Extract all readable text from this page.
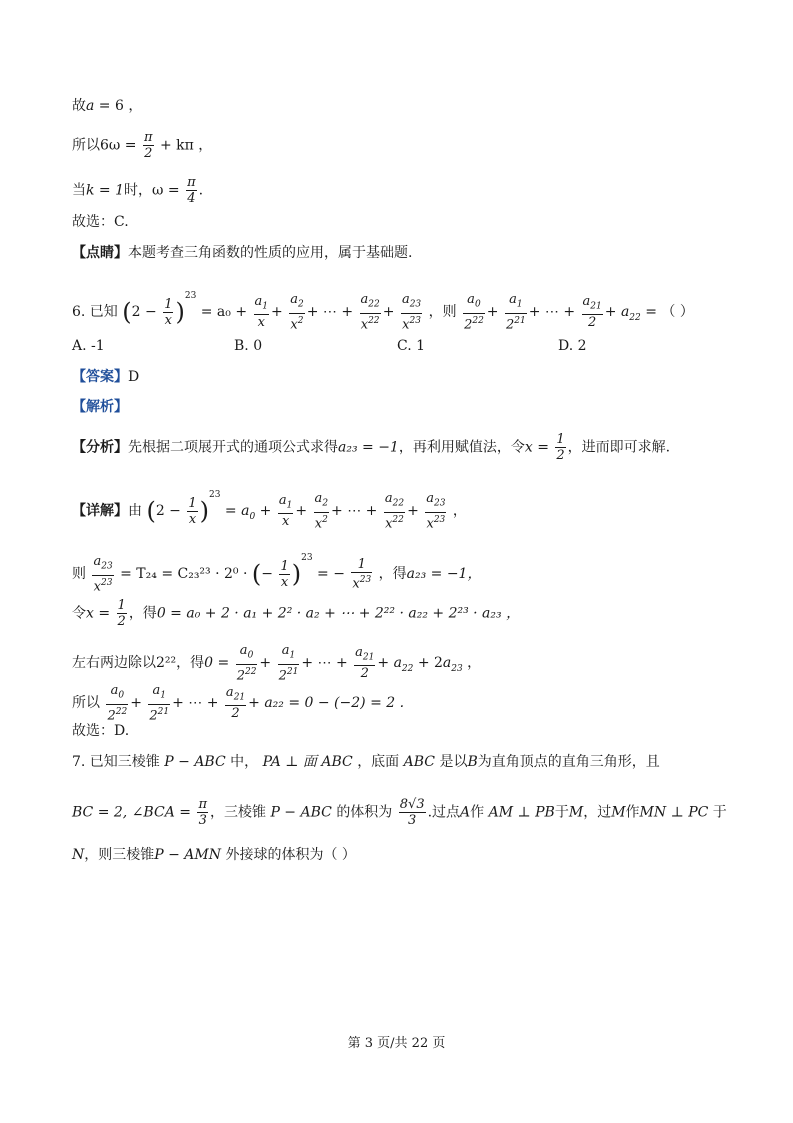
故a = 6 ，
所以$6\omega = \frac{\pi}{2} + k\pi$ ，
当k = 1时，$\omega = \frac{\pi}{4}$ .
故选：C.
【点睛】本题考查三角函数的性质的应用，属于基础题.
6. 已知 $(2 - \frac{1}{x} )^{23} = a_0 + \frac{a_1}{x} + \frac{a_2}{x^2}$ + ⋯ + $\frac{a_{22}}{x^{22}} + \frac{a_{23}}{x^{23}}$ ，则 $\frac{a_0}{2^{22}} + \frac{a_1}{2^{21}}$ + ⋯ + $\frac{a_{21}}{2} + a_{22}$ = （ ）
A. -1	B. 0	C. 1	D. 2
【答案】D
【解析】
【分析】先根据二项展开式的通项公式求得a₂₃ = −1，再利用赋值法，令$x = \frac{1}{2}$ ，进而即可求解.
【详解】由 $(2 - \frac{1}{x} )^{23} = a_0 + \frac{a_1}{x} + \frac{a_2}{x^2}$ + ⋯ + $\frac{a_{22}}{x^{22}} + \frac{a_{23}}{x^{23}}$ ，
则 $\frac{a_{23}}{x^{23}} = T_{24} = C_{23}^{23} \cdot 2^0$ · (− $\frac{1}{x} )^{23}$ = − $\frac{1}{x^{23}}$ ，得a₂₃ = −1，
令$x = \frac{1}{2}$ ，得0 = a₀ + 2 · a₁ + 2² · a₂ + ⋯ + 2²² · a₂₂ + 2²³ · a₂₃ ，
左右两边除以2²²，得$0 = \frac{a_0}{2^{22}} + \frac{a_1}{2^{21}}$ + ⋯ + $\frac{a_{21}}{2} + a_{22} + 2a_{23}$ ，
所以 $\frac{a_0}{2^{22}} + \frac{a_1}{2^{21}}$ + ⋯ + $\frac{a_{21}}{2} + a_{22} = 0 - (-2) = 2$ .
故选：D.
7. 已知三棱锥 P − ABC 中， PA ⊥ 面 ABC ，底面 ABC 是以B为直角顶点的直角三角形，且
BC = 2, ∠BCA = $\frac{\pi}{3}$ ，三棱锥 P − ABC 的体积为 $\frac{8√3}{3}$ .过点A作 AM ⊥ PB于M，过M作MN ⊥ PC 于
N，则三棱锥P − AMN 外接球的体积为（ ）
第 3 页/共 22 页
